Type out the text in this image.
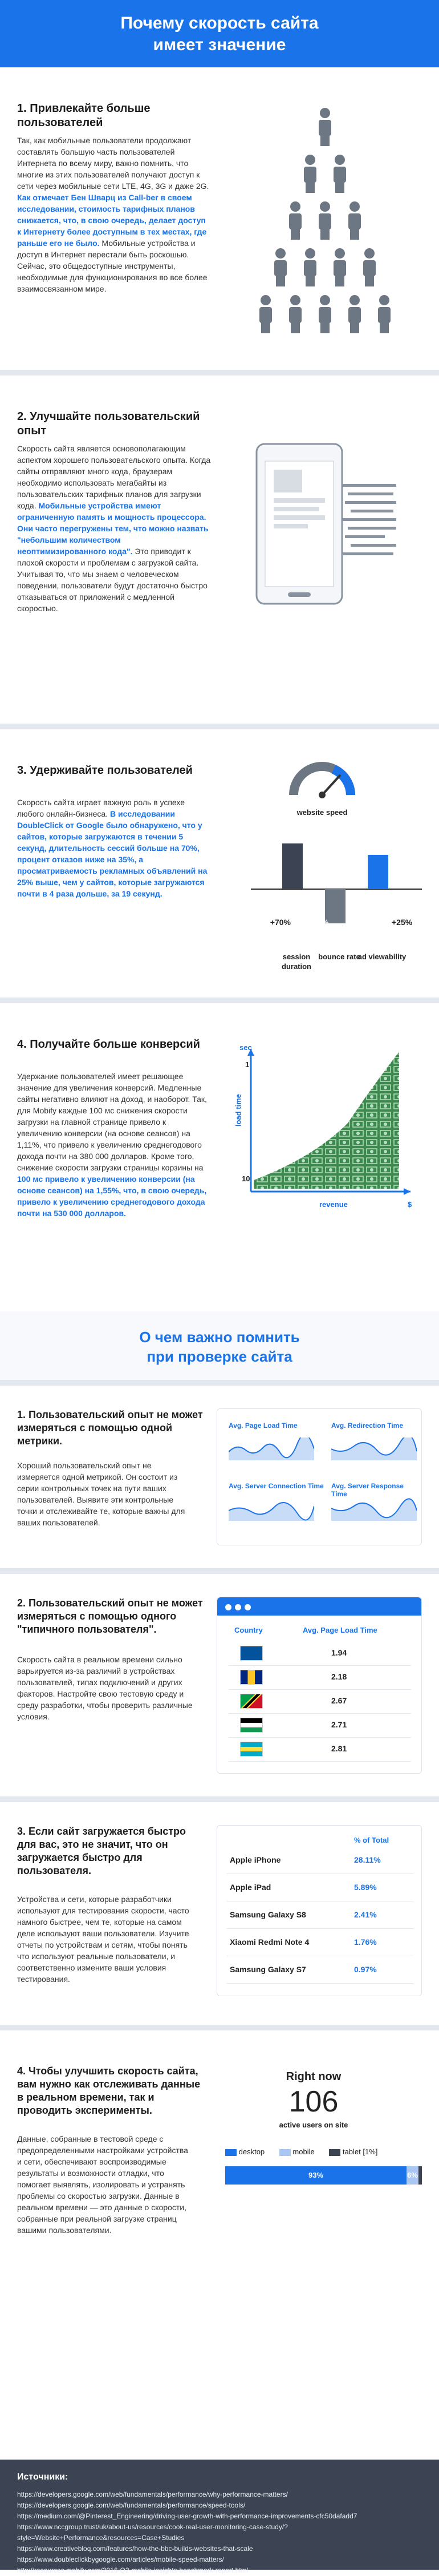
Почему скорость сайта
имеет значение
1. Привлекайте больше пользователей
Так, как мобильные пользователи продолжают составлять большую часть пользователей Интернета по всему миру, важно помнить, что многие из этих пользователей получают доступ к сети через мобильные сети LTE, 4G, 3G и даже 2G. Как отмечает Бен Шварц из Call-ber в своем исследовании, стоимость тарифных планов снижается, что, в свою очередь, делает доступ к Интернету более доступным в тех местах, где раньше его не было. Мобильные устройства и доступ в Интернет перестали быть роскошью. Сейчас, это общедоступные инструменты, необходимые для функционирования во все более взаимосвязанном мире.
2. Улучшайте пользовательский опыт
Скорость сайта является основополагающим аспектом хорошего пользовательского опыта. Когда сайты отправляют много кода, браузерам необходимо использовать мегабайты из пользовательских тарифных планов для загрузки кода. Мобильные устройства имеют ограниченную память и мощность процессора. Они часто перегружены тем, что можно назвать "небольшим количеством неоптимизированного кода". Это приводит к плохой скорости и проблемам с загрузкой сайта. Учитывая то, что мы знаем о человеческом поведении, пользователи будут достаточно быстро отказываться от приложений с медленной скоростью.
3. Удерживайте пользователей
Скорость сайта играет важную роль в успехе любого онлайн-бизнеса. В исследовании DoubleClick от Google было обнаружено, что у сайтов, которые загружаются в течении 5 секунд, длительность сессий больше на 70%, процент отказов ниже на 35%, а просматриваемость рекламных объявлений на 25% выше, чем у сайтов, которые загружаются почти в 4 раза дольше, за 19 секунд.
website speed
+70%	-35%	+25%
session duration
bounce rate
ad viewability
4. Получайте больше конверсий
Удержание пользователей имеет решающее значение для увеличения конверсий. Медленные сайты негативно влияют на доход, и наоборот. Так, для Mobify каждые 100 мс снижения скорости загрузки на главной странице привело к увеличению конверсии (на основе сеансов) на 1,11%, что привело к увеличению среднегодового дохода почти на 380 000 долларов. Кроме того, снижение скорости загрузки страницы корзины на 100 мс привело к увеличению конверсии (на основе сеансов) на 1,55%, что, в свою очередь, привело к увеличению среднегодового дохода почти на 530 000 долларов.
sec
1
10
load time
revenue	$
О чем важно помнить
при проверке сайта
1. Пользовательский опыт не может измеряться с помощью одной метрики.
Хороший пользовательский опыт не измеряется одной метрикой. Он состоит из серии контрольных точек на пути ваших пользователей. Выявите эти контрольные точки и отслеживайте те, которые важны для ваших пользователей.
Avg. Page Load Time	Avg. Redirection Time
Avg. Server Connection Time Avg. Server Response Time
2. Пользовательский опыт не может измеряться с помощью одного "типичного пользователя".
Скорость сайта в реальном времени сильно варьируется из-за различий в устройствах пользователей, типах подключений и других факторов. Настройте свою тестовую среду и среду разработки, чтобы проверить различные условия.
Country	Avg. Page Load Time
1.94
2.18
2.67
2.71
2.81
3. Если сайт загружается быстро для вас, это не значит, что он загружается быстро для пользователя.
Устройства и сети, которые разработчики используют для тестирования скорости, часто намного быстрее, чем те, которые на самом деле используют ваши пользователи. Изучите отчеты по устройствам и сетям, чтобы понять что используют реальные пользователи, и соответственно измените ваши условия тестирования.
% of Total
Apple iPhone	28.11%
Apple iPad	5.89%
Samsung Galaxy S8	2.41%
Xiaomi Redmi Note 4	1.76%
Samsung Galaxy S7	0.97%
4. Чтобы улучшить скорость сайта, вам нужно как отслеживать данные в реальном времени, так и проводить эксперименты.
Данные, собранные в тестовой среде с предопределенными настройками устройства и сети, обеспечивают воспроизводимые результаты и возможности отладки, что помогает выявлять, изолировать и устранять проблемы со скоростью загрузки. Данные в реальном времени — это данные о скорости, собранные при реальной загрузке страниц вашими пользователями.
Right now
106
active users on site
desktop	mobile	tablet [1%]
93%	6%
Источники:
https://developers.google.com/web/fundamentals/performance/why-performance-matters/
https://developers.google.com/web/fundamentals/performance/speed-tools/
https://medium.com/@Pinterest_Engineering/driving-user-growth-with-performance-improvements-cfc50dafadd7
https://www.nccgroup.trust/uk/about-us/resources/cook-real-user-monitoring-case-study/?style=Website+Performance&resources=Case+Studies
https://www.creativebloq.com/features/how-the-bbc-builds-websites-that-scale
https://www.doubleclickbygoogle.com/articles/mobile-speed-matters/
http://resources.mobify.com/2016-Q2-mobile-insights-benchmark-report.html
